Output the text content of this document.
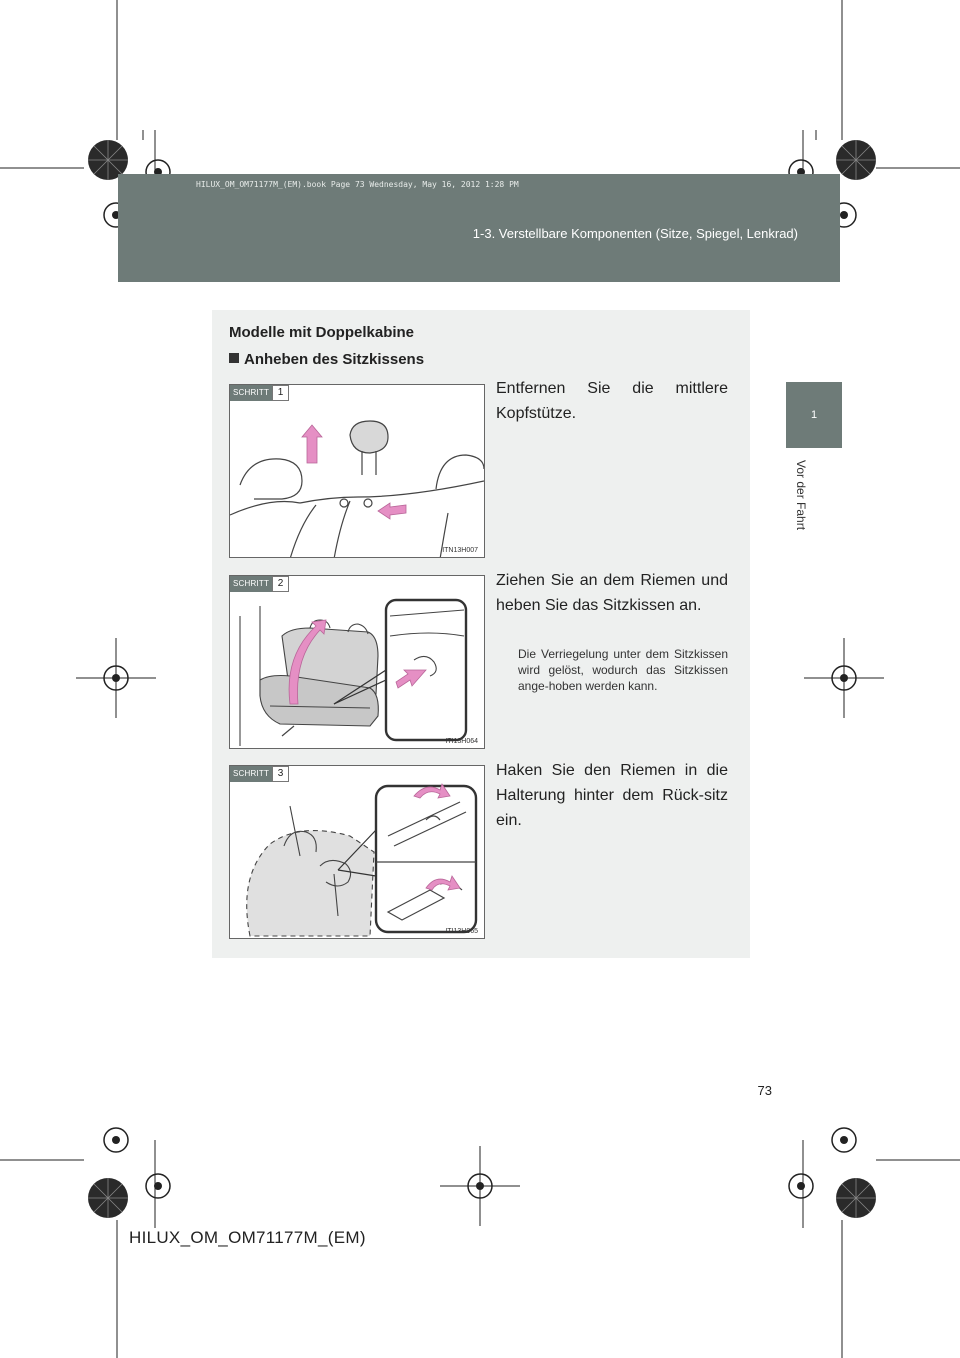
HILUX_OM_OM71177M_(EM).book Page 73 Wednesday, May 16, 2012 1:28 PM
1-3. Verstellbare Komponenten (Sitze, Spiegel, Lenkrad)
1
Vor der Fahrt
Modelle mit Doppelkabine
Anheben des Sitzkissens
SCHRITT 1
ITN13H007
Entfernen Sie die mittlere Kopfstütze.
SCHRITT 2
ITI13H064
Ziehen Sie an dem Riemen und heben Sie das Sitzkissen an.
Die Verriegelung unter dem Sitzkissen wird gelöst, wodurch das Sitzkissen ange-hoben werden kann.
SCHRITT 3
ITI13H065
Haken Sie den Riemen in die Halterung hinter dem Rück-sitz ein.
73
HILUX_OM_OM71177M_(EM)
